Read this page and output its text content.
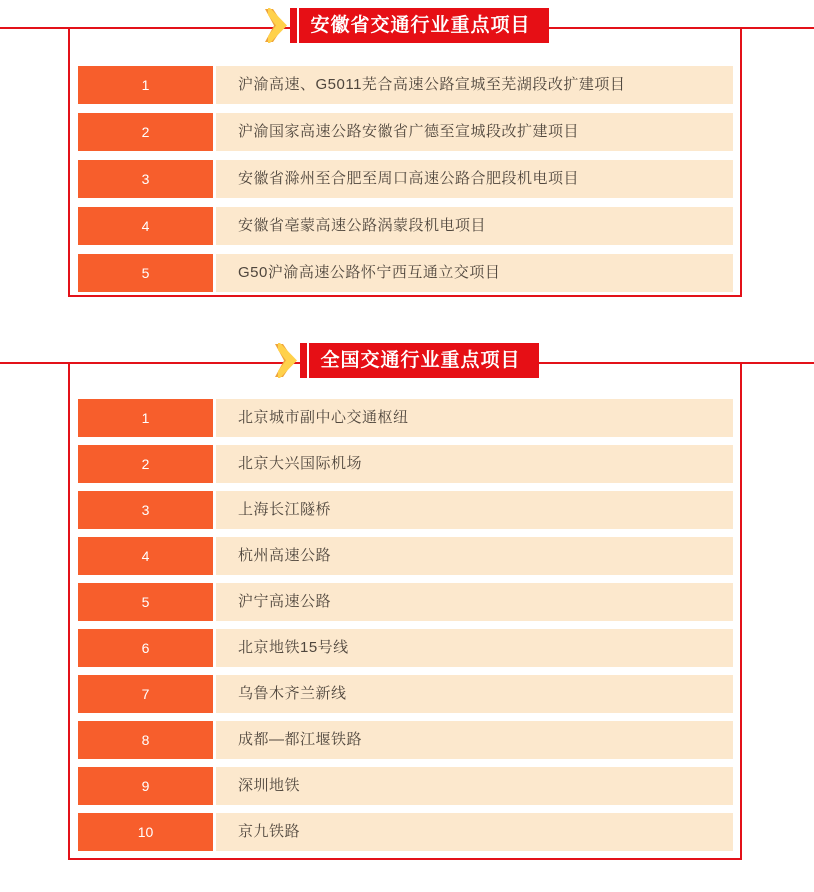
安徽省交通行业重点项目
1	沪渝高速、G5011芜合高速公路宣城至芜湖段改扩建项目
2	沪渝国家高速公路安徽省广德至宣城段改扩建项目
3	安徽省滁州至合肥至周口高速公路合肥段机电项目
4	安徽省亳蒙高速公路涡蒙段机电项目
5	G50沪渝高速公路怀宁西互通立交项目
全国交通行业重点项目
1	北京城市副中心交通枢纽
2	北京大兴国际机场
3	上海长江隧桥
4	杭州高速公路
5	沪宁高速公路
6	北京地铁15号线
7	乌鲁木齐兰新线
8	成都—都江堰铁路
9	深圳地铁
10	京九铁路
